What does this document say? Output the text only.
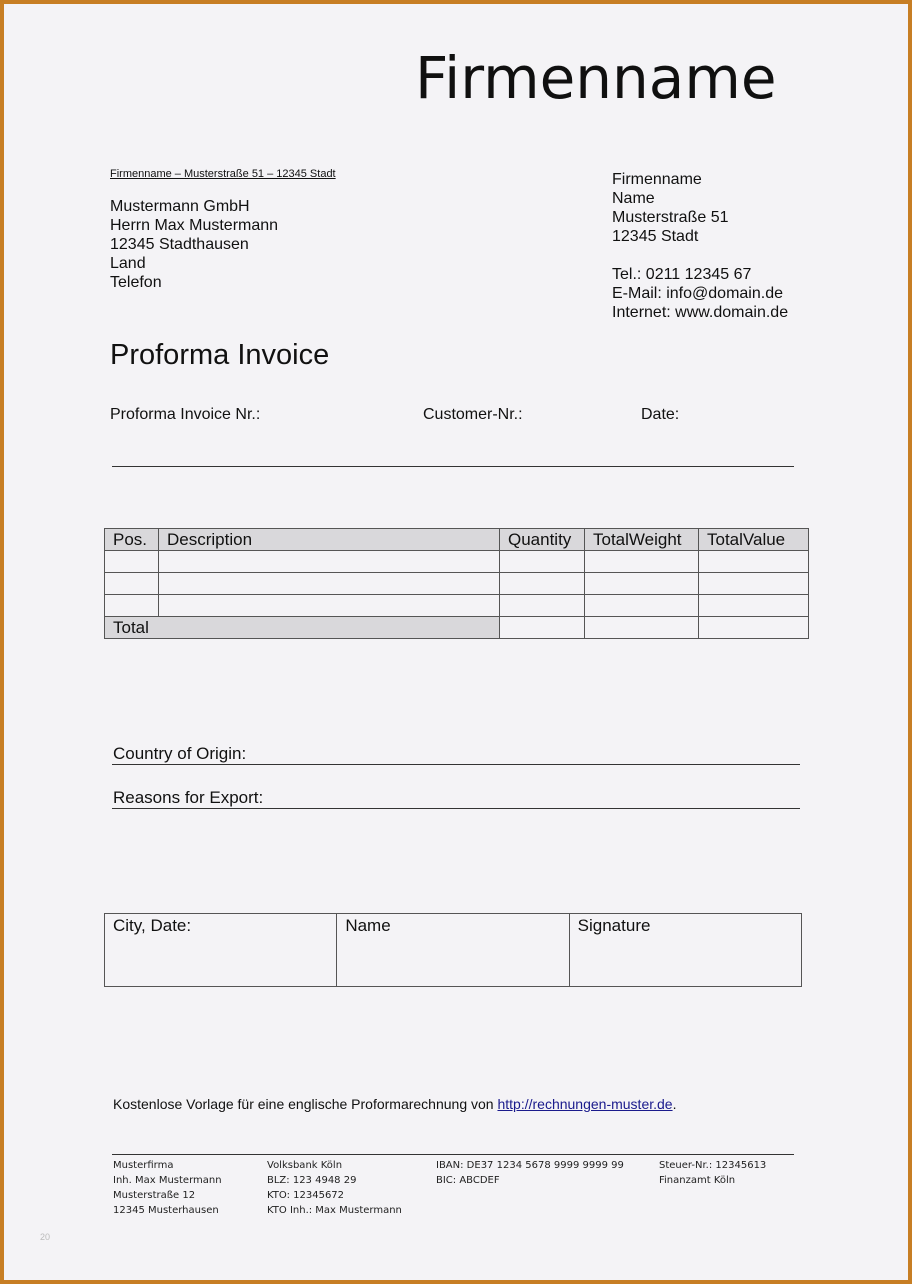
Firmenname
Firmenname – Musterstraße 51 – 12345 Stadt
Mustermann GmbH
Herrn Max Mustermann
12345 Stadthausen
Land
Telefon
Firmenname
Name
Musterstraße 51
12345 Stadt
Tel.: 0211 12345 67
E-Mail: info@domain.de
Internet: www.domain.de
Proforma Invoice
Proforma Invoice Nr.:	Customer-Nr.:	Date:
Pos.	Description	Quantity	TotalWeight	TotalValue

Total				
Country of Origin:
Reasons for Export:
City, Date:	Name	Signature
Kostenlose Vorlage für eine englische Proformarechnung von http://rechnungen-muster.de.
Musterfirma
Inh. Max Mustermann
Musterstraße 12
12345 Musterhausen
Volksbank Köln
BLZ: 123 4948 29
KTO: 12345672
KTO Inh.: Max Mustermann
IBAN: DE37 1234 5678 9999 9999 99
BIC: ABCDEF
Steuer-Nr.: 12345613
Finanzamt Köln
20
